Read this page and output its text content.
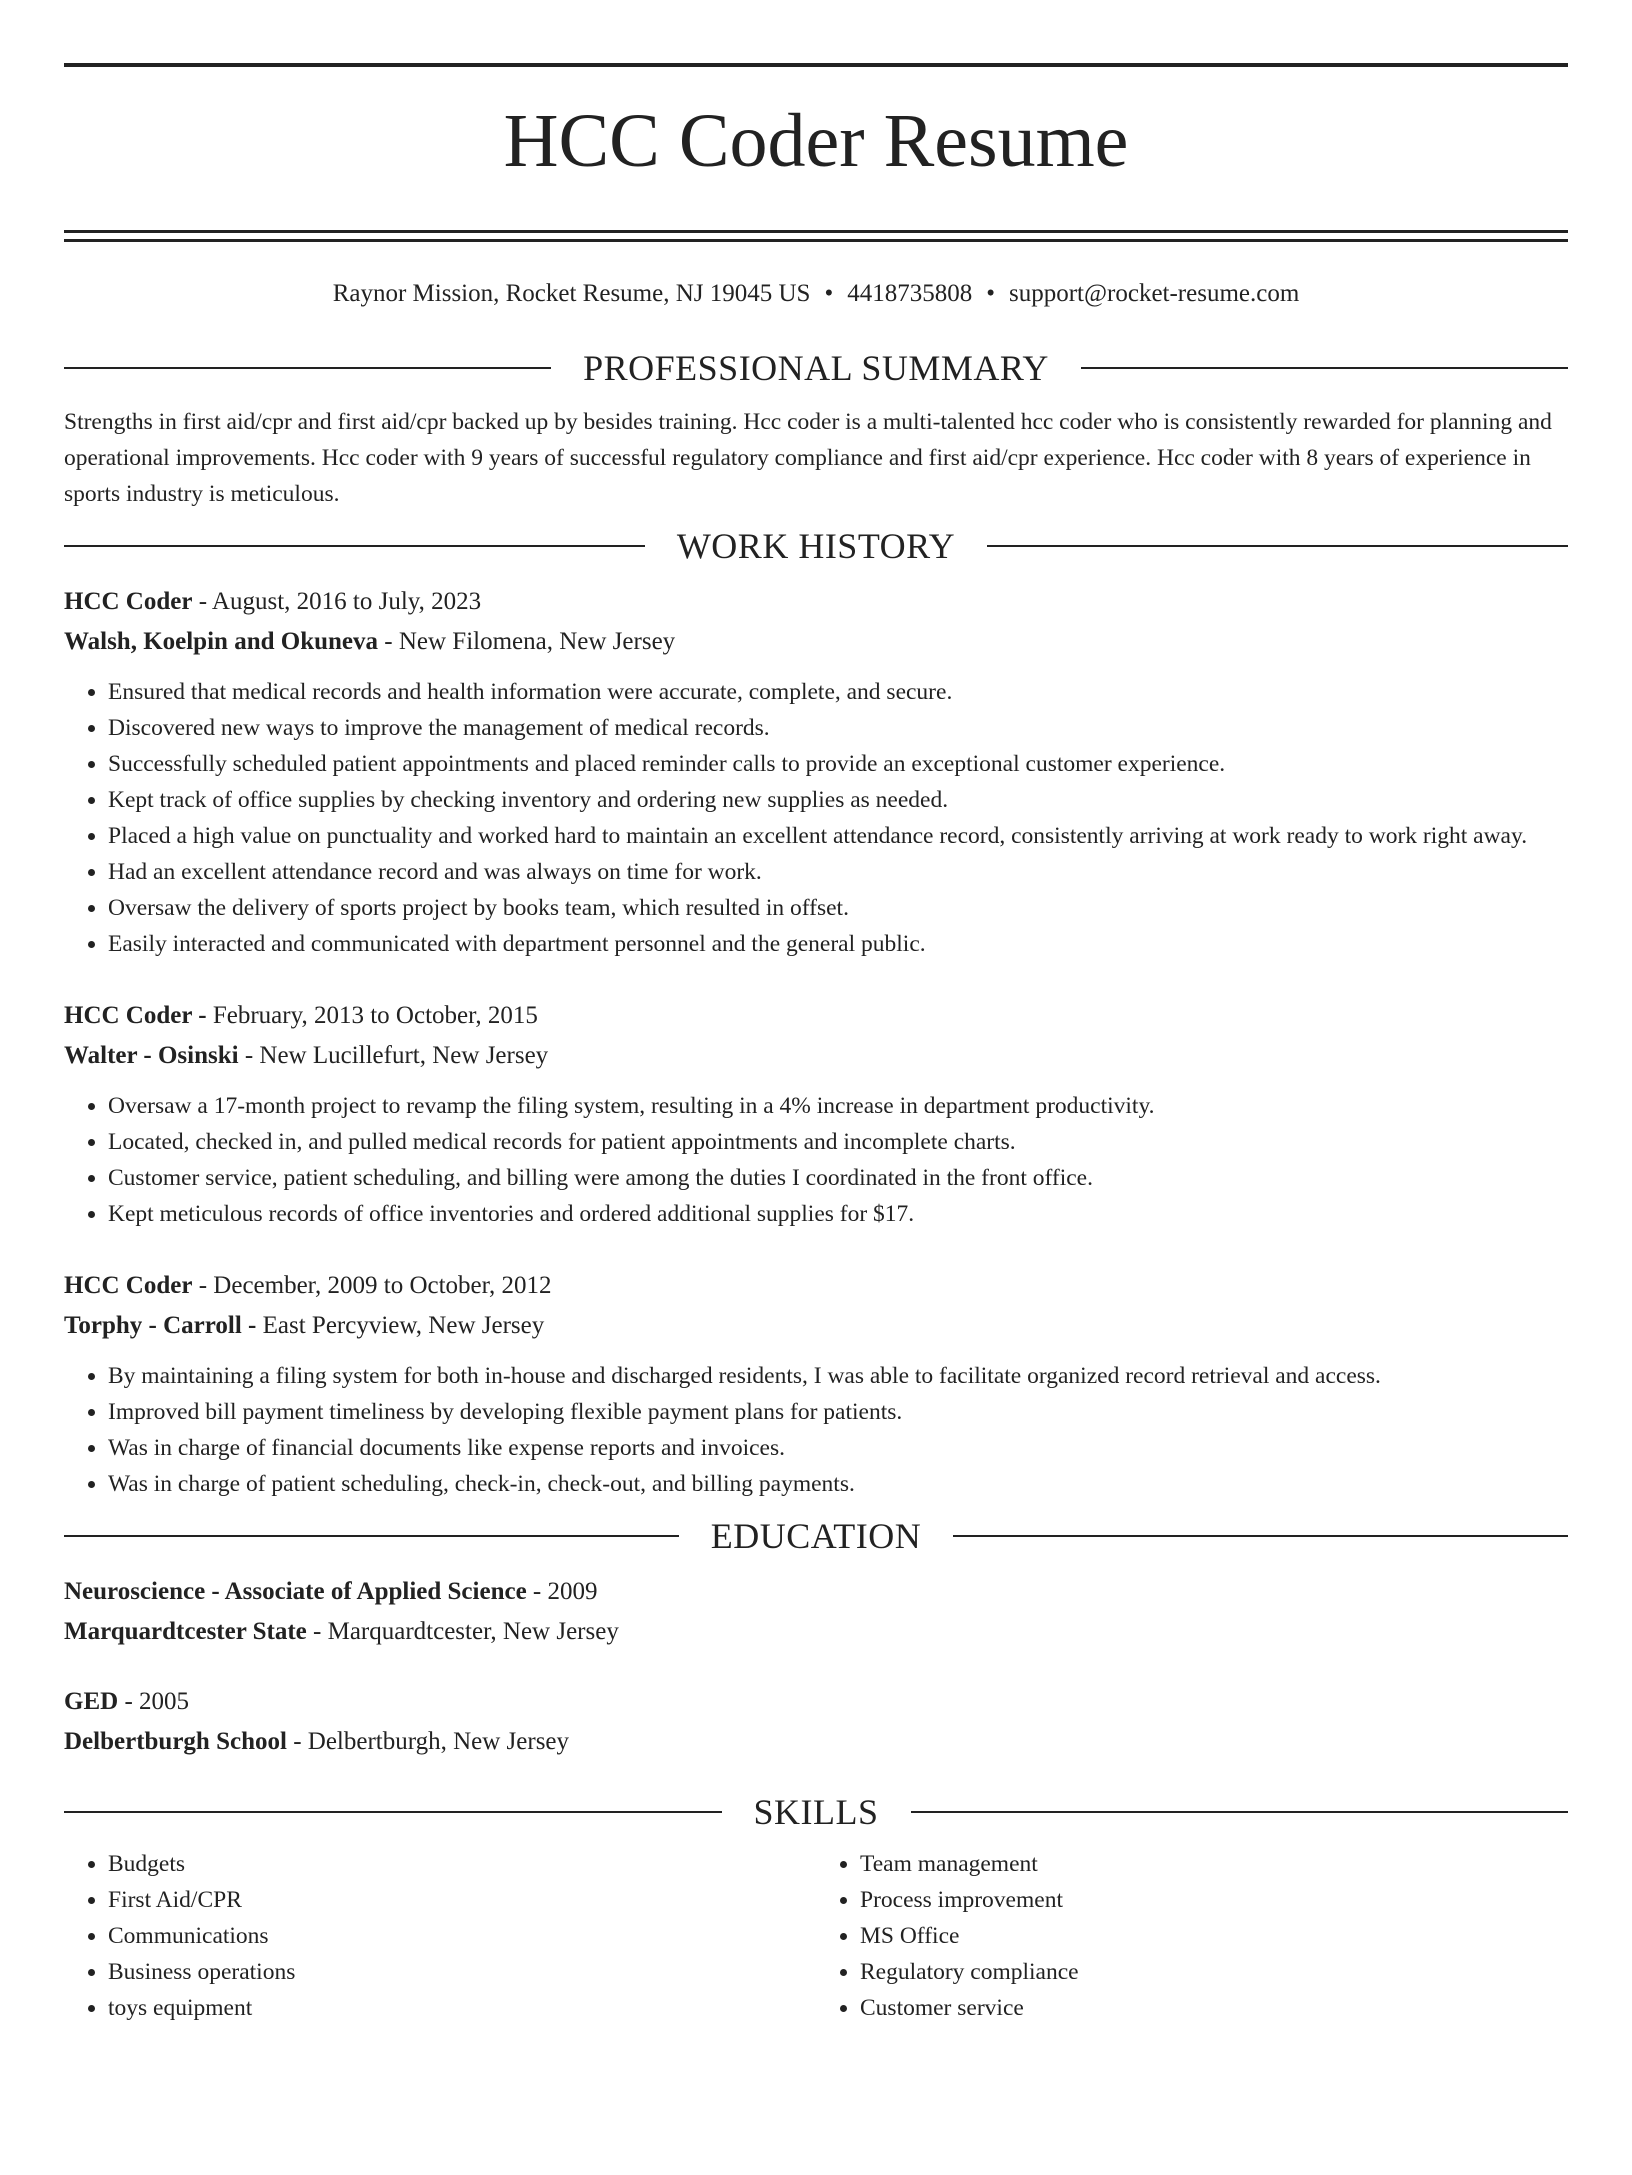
HCC Coder Resume
Raynor Mission, Rocket Resume, NJ 19045 US • 4418735808 • support@rocket-resume.com
PROFESSIONAL SUMMARY
Strengths in first aid/cpr and first aid/cpr backed up by besides training. Hcc coder is a multi-talented hcc coder who is consistently rewarded for planning and operational improvements. Hcc coder with 9 years of successful regulatory compliance and first aid/cpr experience. Hcc coder with 8 years of experience in sports industry is meticulous.
WORK HISTORY
HCC Coder - August, 2016 to July, 2023
Walsh, Koelpin and Okuneva - New Filomena, New Jersey
• Ensured that medical records and health information were accurate, complete, and secure.
• Discovered new ways to improve the management of medical records.
• Successfully scheduled patient appointments and placed reminder calls to provide an exceptional customer experience.
• Kept track of office supplies by checking inventory and ordering new supplies as needed.
• Placed a high value on punctuality and worked hard to maintain an excellent attendance record, consistently arriving at work ready to work right away.
• Had an excellent attendance record and was always on time for work.
• Oversaw the delivery of sports project by books team, which resulted in offset.
• Easily interacted and communicated with department personnel and the general public.
HCC Coder - February, 2013 to October, 2015
Walter - Osinski - New Lucillefurt, New Jersey
• Oversaw a 17-month project to revamp the filing system, resulting in a 4% increase in department productivity.
• Located, checked in, and pulled medical records for patient appointments and incomplete charts.
• Customer service, patient scheduling, and billing were among the duties I coordinated in the front office.
• Kept meticulous records of office inventories and ordered additional supplies for $17.
HCC Coder - December, 2009 to October, 2012
Torphy - Carroll - East Percyview, New Jersey
• By maintaining a filing system for both in-house and discharged residents, I was able to facilitate organized record retrieval and access.
• Improved bill payment timeliness by developing flexible payment plans for patients.
• Was in charge of financial documents like expense reports and invoices.
• Was in charge of patient scheduling, check-in, check-out, and billing payments.
EDUCATION
Neuroscience - Associate of Applied Science - 2009
Marquardtcester State - Marquardtcester, New Jersey
GED - 2005
Delbertburgh School - Delbertburgh, New Jersey
SKILLS
• Budgets
• First Aid/CPR
• Communications
• Business operations
• toys equipment
• Team management
• Process improvement
• MS Office
• Regulatory compliance
• Customer service
